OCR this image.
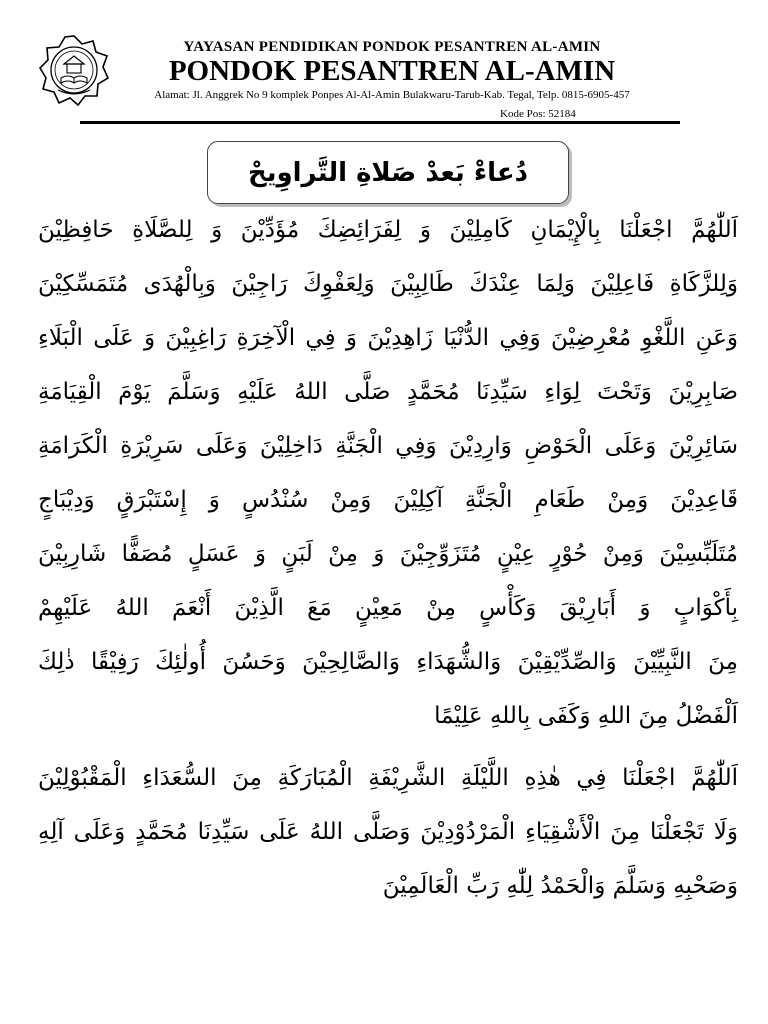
YAYASAN PENDIDIKAN PONDOK PESANTREN AL-AMIN
PONDOK PESANTREN AL-AMIN
Alamat: Jl. Anggrek No 9 komplek Ponpes Al-Al-Amin Bulakwaru-Tarub-Kab. Tegal, Telp. 0815-6905-457
Kode Pos: 52184
دُعاءْ بَعدْ صَلاةِ التَّراوِيحْ
اَللّٰهُمَّ اجْعَلْنَا بِالْإِيْمَانِ كَامِلِيْنَ وَ لِفَرَائِضِكَ مُؤَدِّيْنَ وَ لِلصَّلَاةِ حَافِظِيْنَ
وَلِلزَّكَاةِ فَاعِلِيْنَ وَلِمَا عِنْدَكَ طَالِبِيْنَ وَلِعَفْوِكَ رَاجِيْنَ وَبِالْهُدَى مُتَمَسِّكِيْنَ
وَعَنِ اللَّغْوِ مُعْرِضِيْنَ وَفِي الدُّنْيَا زَاهِدِيْنَ وَ فِي الْآخِرَةِ رَاغِبِيْنَ وَ عَلَى الْبَلَاءِ
صَابِرِيْنَ وَتَحْتَ لِوَاءِ سَيِّدِنَا مُحَمَّدٍ صَلَّى اللهُ عَلَيْهِ وَسَلَّمَ يَوْمَ الْقِيَامَةِ
سَائِرِيْنَ وَعَلَى الْحَوْضِ وَارِدِيْنَ وَفِي الْجَنَّةِ دَاخِلِيْنَ وَعَلَى سَرِيْرَةِ الْكَرَامَةِ
قَاعِدِيْنَ وَمِنْ طَعَامِ الْجَنَّةِ آكِلِيْنَ وَمِنْ سُنْدُسٍ وَ إِسْتَبْرَقٍ وَدِيْبَاجٍ
مُتَلَبِّسِيْنَ وَمِنْ حُوْرٍ عِيْنٍ مُتَزَوِّجِيْنَ وَ مِنْ لَبَنٍ وَ عَسَلٍ مُصَفًّا شَارِبِيْنَ
بِأَكْوَابٍ وَ أَبَارِيْقَ وَكَأْسٍ مِنْ مَعِيْنٍ مَعَ الَّذِيْنَ أَنْعَمَ اللهُ عَلَيْهِمْ
مِنَ النَّبِيِّيْنَ وَالصِّدِّيْقِيْنَ وَالشُّهَدَاءِ وَالصَّالِحِيْنَ وَحَسُنَ أُولٰئِكَ رَفِيْقًا ذٰلِكَ
اَلْفَضْلُ مِنَ اللهِ وَكَفَى بِاللهِ عَلِيْمًا
اَللّٰهُمَّ اجْعَلْنَا فِي هٰذِهِ اللَّيْلَةِ الشَّرِيْفَةِ الْمُبَارَكَةِ مِنَ السُّعَدَاءِ الْمَقْبُوْلِيْنَ
وَلَا تَجْعَلْنَا مِنَ الْأَشْقِيَاءِ الْمَرْدُوْدِيْنَ وَصَلَّى اللهُ عَلَى سَيِّدِنَا مُحَمَّدٍ وَعَلَى آلِهِ
وَصَحْبِهِ وَسَلَّمَ وَالْحَمْدُ لِلّٰهِ رَبِّ الْعَالَمِيْنَ
